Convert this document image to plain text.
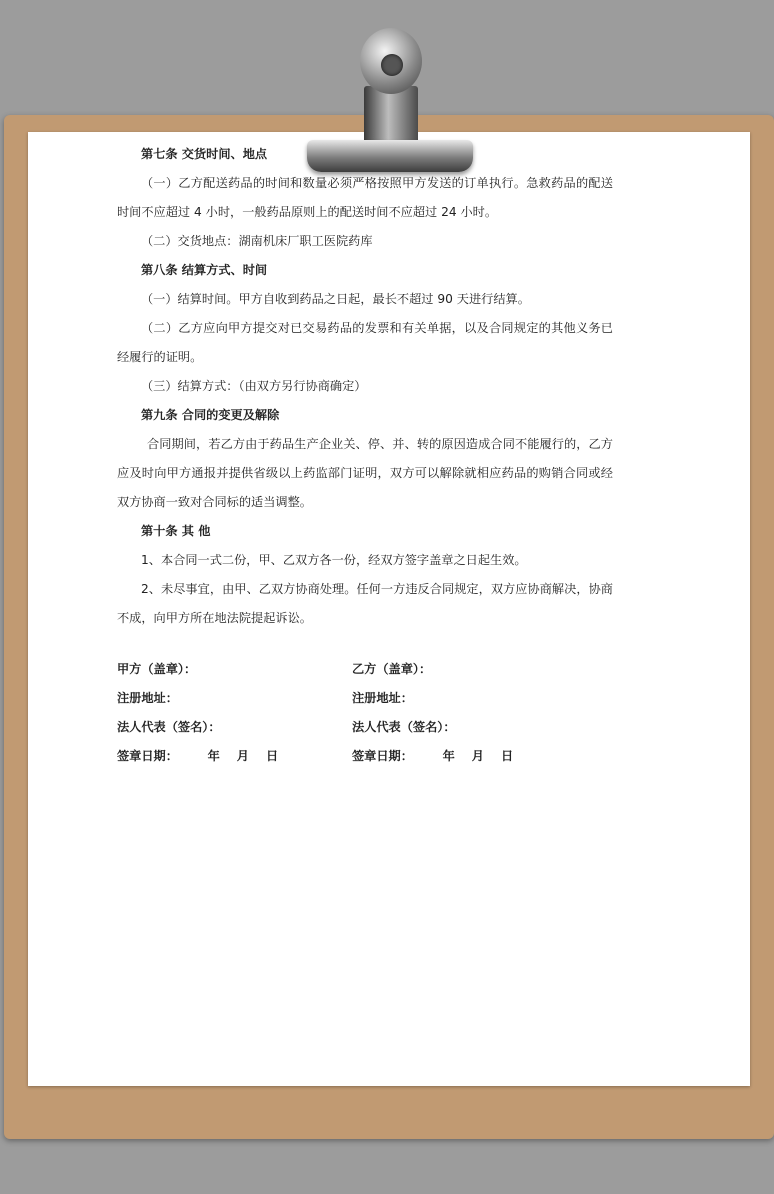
第七条 交货时间、地点

（一）乙方配送药品的时间和数量必须严格按照甲方发送的订单执行。急救药品的配送时间不应超过 4 小时，一般药品原则上的配送时间不应超过 24 小时。

（二）交货地点：湖南机床厂职工医院药库

第八条 结算方式、时间

（一）结算时间。甲方自收到药品之日起，最长不超过 90 天进行结算。

（二）乙方应向甲方提交对已交易药品的发票和有关单据，以及合同规定的其他义务已经履行的证明。

（三）结算方式：（由双方另行协商确定）

第九条 合同的变更及解除

合同期间，若乙方由于药品生产企业关、停、并、转的原因造成合同不能履行的，乙方应及时向甲方通报并提供省级以上药监部门证明，双方可以解除就相应药品的购销合同或经双方协商一致对合同标的适当调整。

第十条 其 他

1、本合同一式二份，甲、乙双方各一份，经双方签字盖章之日起生效。

2、未尽事宜，由甲、乙双方协商处理。任何一方违反合同规定，双方应协商解决，协商不成，向甲方所在地法院提起诉讼。

甲方（盖章）：	乙方（盖章）：
注册地址：	注册地址：
法人代表（签名）：	法人代表（签名）：
签章日期：       年    月    日	签章日期：       年    月    日
